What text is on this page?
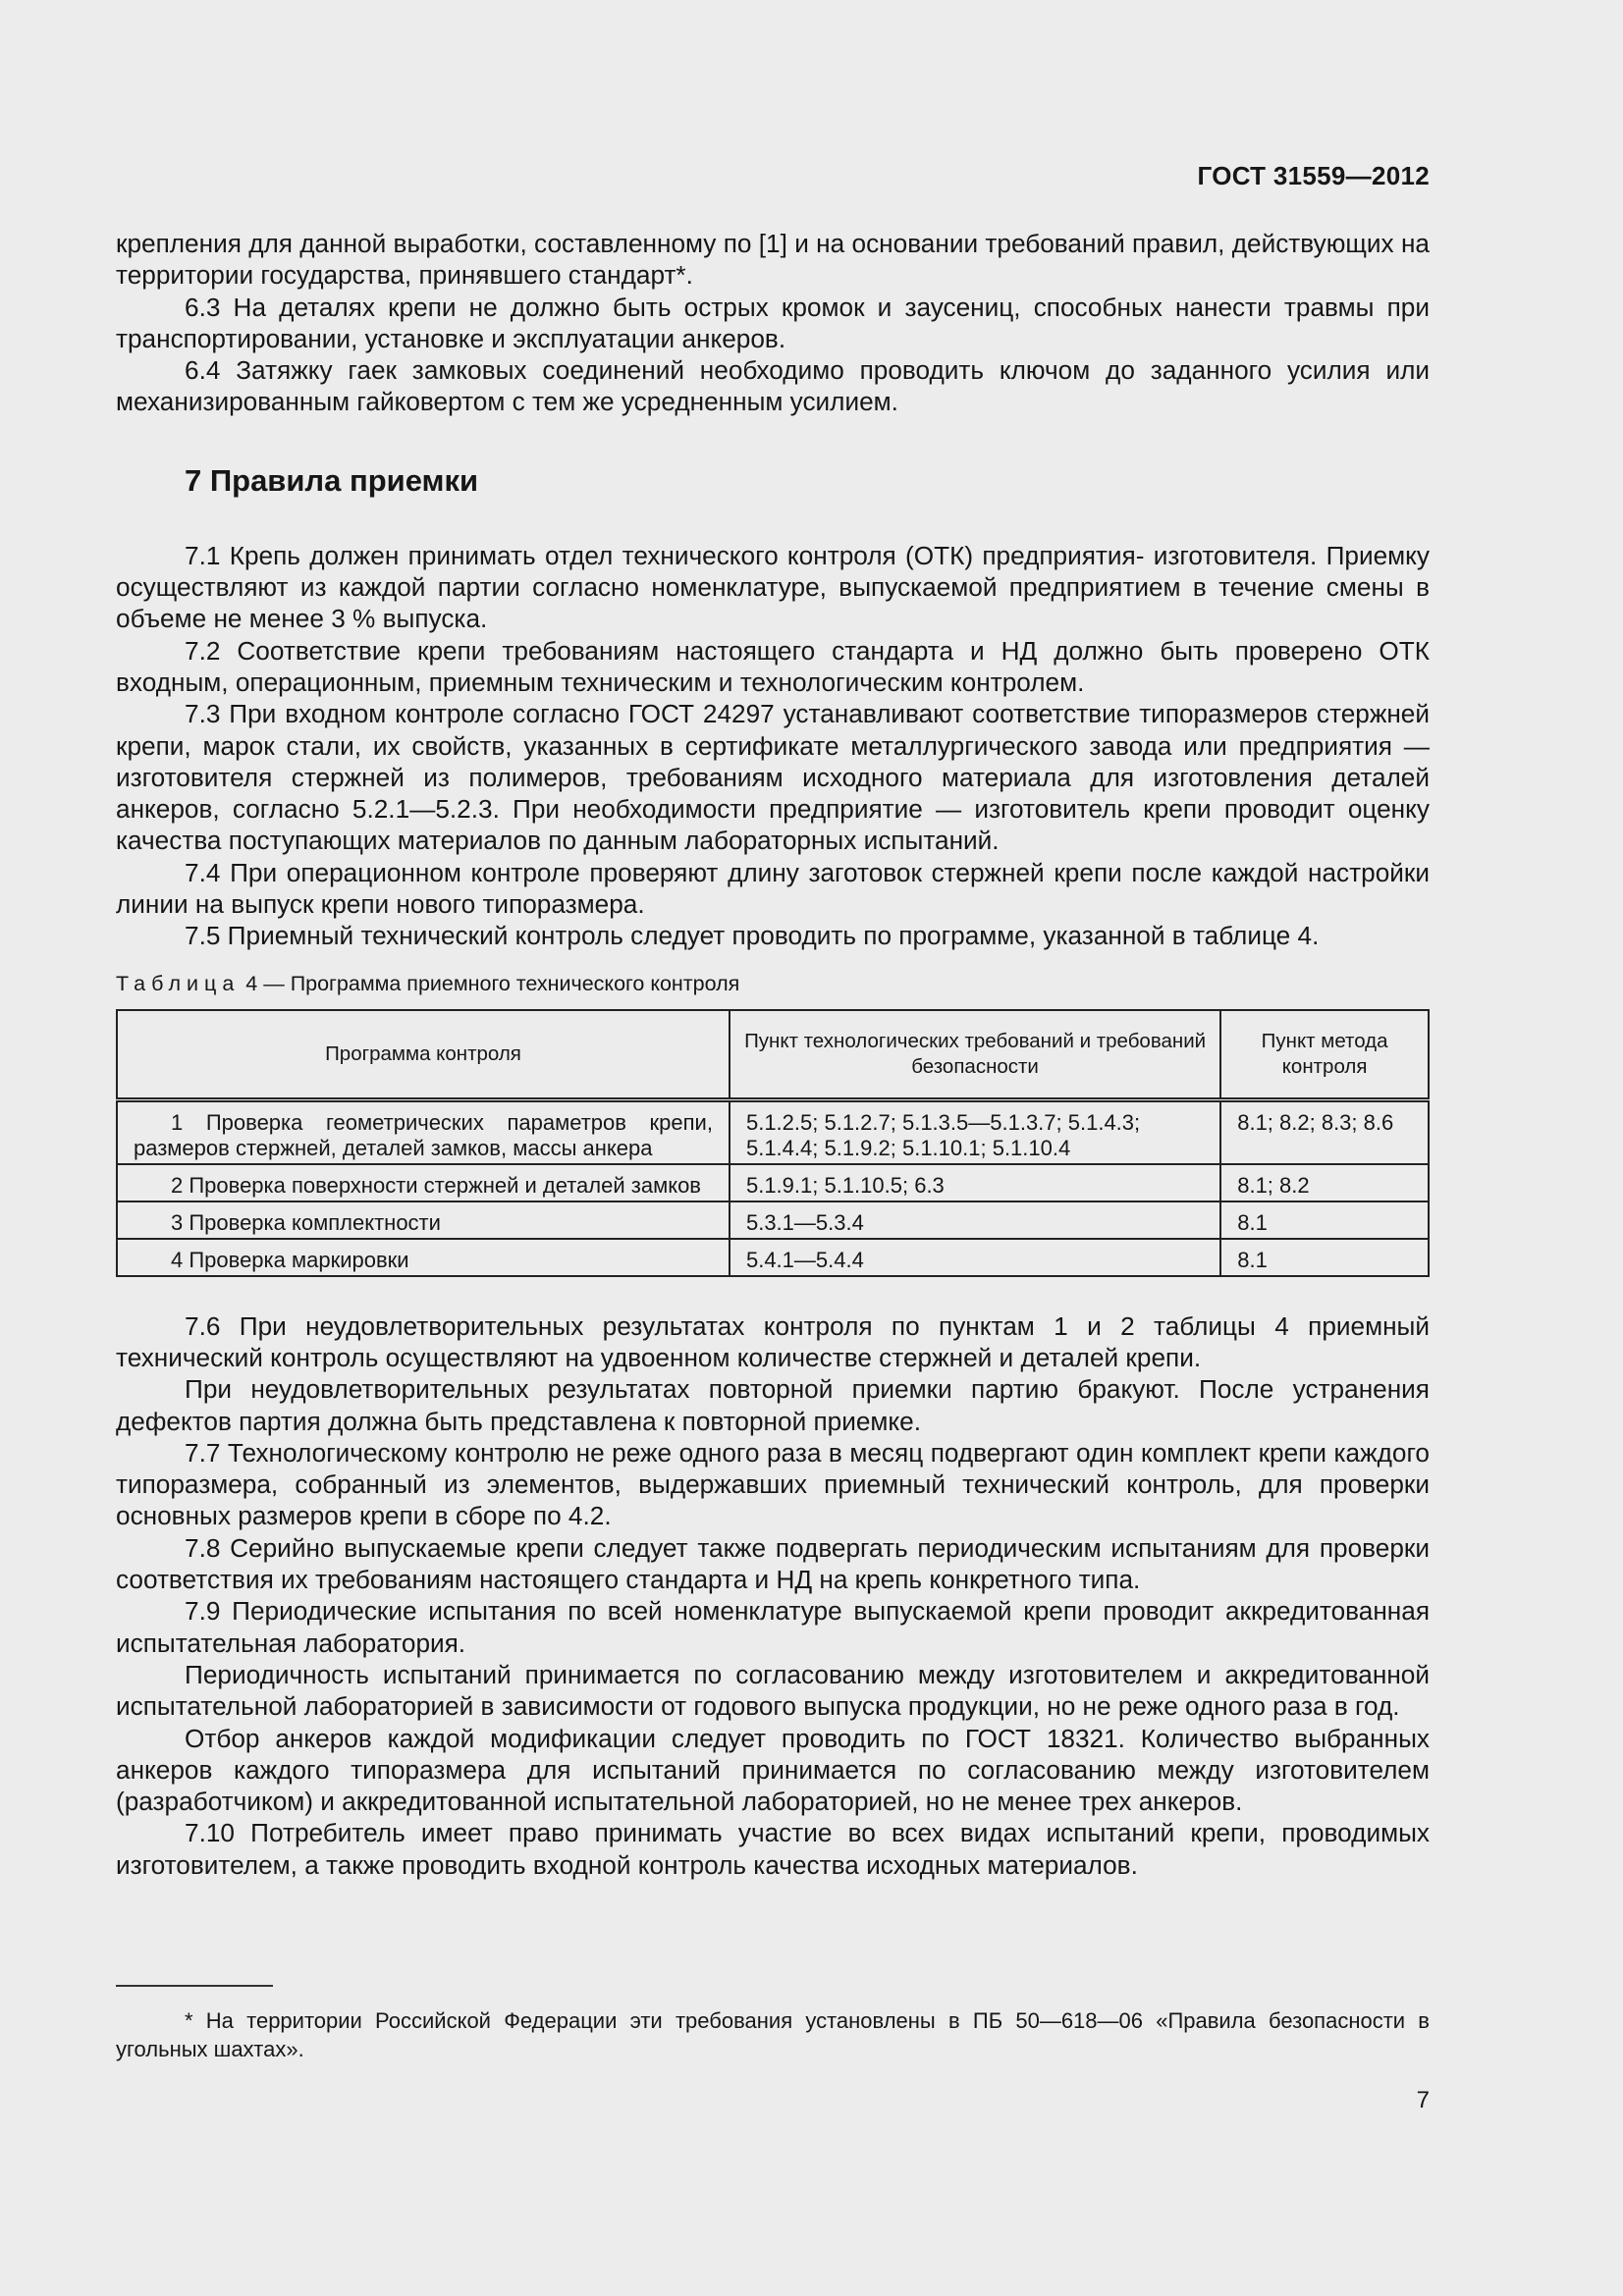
ГОСТ 31559—2012

крепления для данной выработки, составленному по [1] и на основании требований правил, действующих на территории государства, принявшего стандарт*.

6.3 На деталях крепи не должно быть острых кромок и заусениц, способных нанести травмы при транспортировании, установке и эксплуатации анкеров.

6.4 Затяжку гаек замковых соединений необходимо проводить ключом до заданного усилия или механизированным гайковертом с тем же усредненным усилием.

7 Правила приемки

7.1 Крепь должен принимать отдел технического контроля (ОТК) предприятия- изготовителя. Приемку осуществляют из каждой партии согласно номенклатуре, выпускаемой предприятием в течение смены в объеме не менее 3 % выпуска.

7.2 Соответствие крепи требованиям настоящего стандарта и НД должно быть проверено ОТК входным, операционным, приемным техническим и технологическим контролем.

7.3 При входном контроле согласно ГОСТ 24297 устанавливают соответствие типоразмеров стержней крепи, марок стали, их свойств, указанных в сертификате металлургического завода или предприятия — изготовителя стержней из полимеров, требованиям исходного материала для изготовления деталей анкеров, согласно 5.2.1—5.2.3. При необходимости предприятие — изготовитель крепи проводит оценку качества поступающих материалов по данным лабораторных испытаний.

7.4 При операционном контроле проверяют длину заготовок стержней крепи после каждой настройки линии на выпуск крепи нового типоразмера.

7.5 Приемный технический контроль следует проводить по программе, указанной в таблице 4.

Таблица 4 — Программа приемного технического контроля
Программа контроля	Пункт технологических требований и требований безопасности	Пункт метода контроля
1 Проверка геометрических параметров крепи, размеров стержней, деталей замков, массы анкера	5.1.2.5; 5.1.2.7; 5.1.3.5—5.1.3.7; 5.1.4.3; 5.1.4.4; 5.1.9.2; 5.1.10.1; 5.1.10.4	8.1; 8.2; 8.3; 8.6
2 Проверка поверхности стержней и деталей замков	5.1.9.1; 5.1.10.5; 6.3	8.1; 8.2
3 Проверка комплектности	5.3.1—5.3.4	8.1
4 Проверка маркировки	5.4.1—5.4.4	8.1

7.6 При неудовлетворительных результатах контроля по пунктам 1 и 2 таблицы 4 приемный технический контроль осуществляют на удвоенном количестве стержней и деталей крепи.

При неудовлетворительных результатах повторной приемки партию бракуют. После устранения дефектов партия должна быть представлена к повторной приемке.

7.7 Технологическому контролю не реже одного раза в месяц подвергают один комплект крепи каждого типоразмера, собранный из элементов, выдержавших приемный технический контроль, для проверки основных размеров крепи в сборе по 4.2.

7.8 Серийно выпускаемые крепи следует также подвергать периодическим испытаниям для проверки соответствия их требованиям настоящего стандарта и НД на крепь конкретного типа.

7.9 Периодические испытания по всей номенклатуре выпускаемой крепи проводит аккредитованная испытательная лаборатория.

Периодичность испытаний принимается по согласованию между изготовителем и аккредитованной испытательной лабораторией в зависимости от годового выпуска продукции, но не реже одного раза в год.

Отбор анкеров каждой модификации следует проводить по ГОСТ 18321. Количество выбранных анкеров каждого типоразмера для испытаний принимается по согласованию между изготовителем (разработчиком) и аккредитованной испытательной лабораторией, но не менее трех анкеров.

7.10 Потребитель имеет право принимать участие во всех видах испытаний крепи, проводимых изготовителем, а также проводить входной контроль качества исходных материалов.

* На территории Российской Федерации эти требования установлены в ПБ 50—618—06 «Правила безопасности в угольных шахтах».

7
